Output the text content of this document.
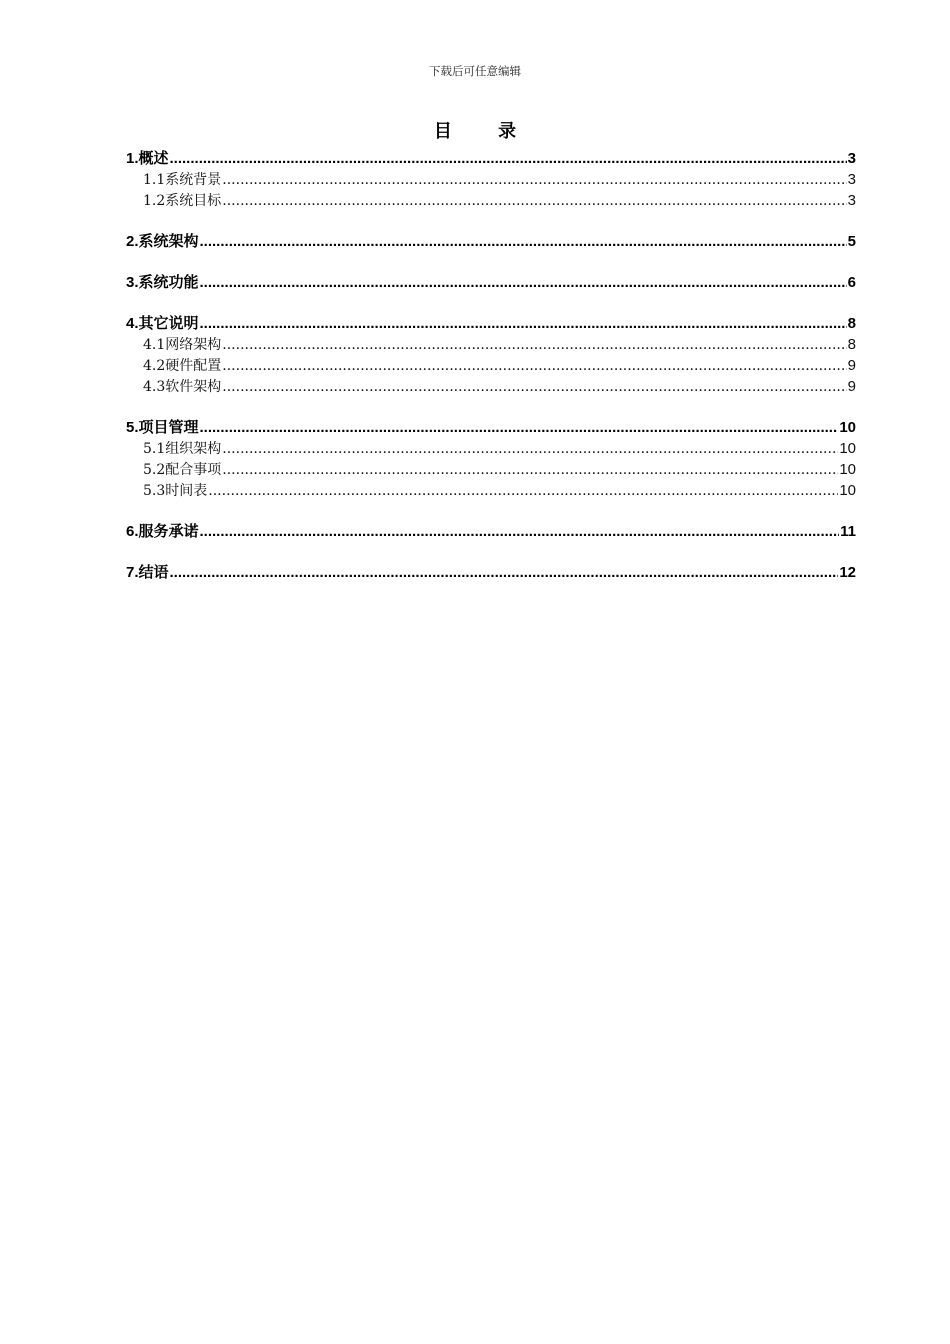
下载后可任意编辑
目 录
1.概述 .....	3
1.1系统背景 .....	3
1.2系统目标 .....	3
2.系统架构 .....	5
3.系统功能 .....	6
4.其它说明 .....	8
4.1网络架构 .....	8
4.2硬件配置 .....	9
4.3软件架构 .....	9
5.项目管理 .....	10
5.1组织架构 .....	10
5.2配合事项 .....	10
5.3时间表 .....	10
6.服务承诺 .....	11
7.结语 .....	12
